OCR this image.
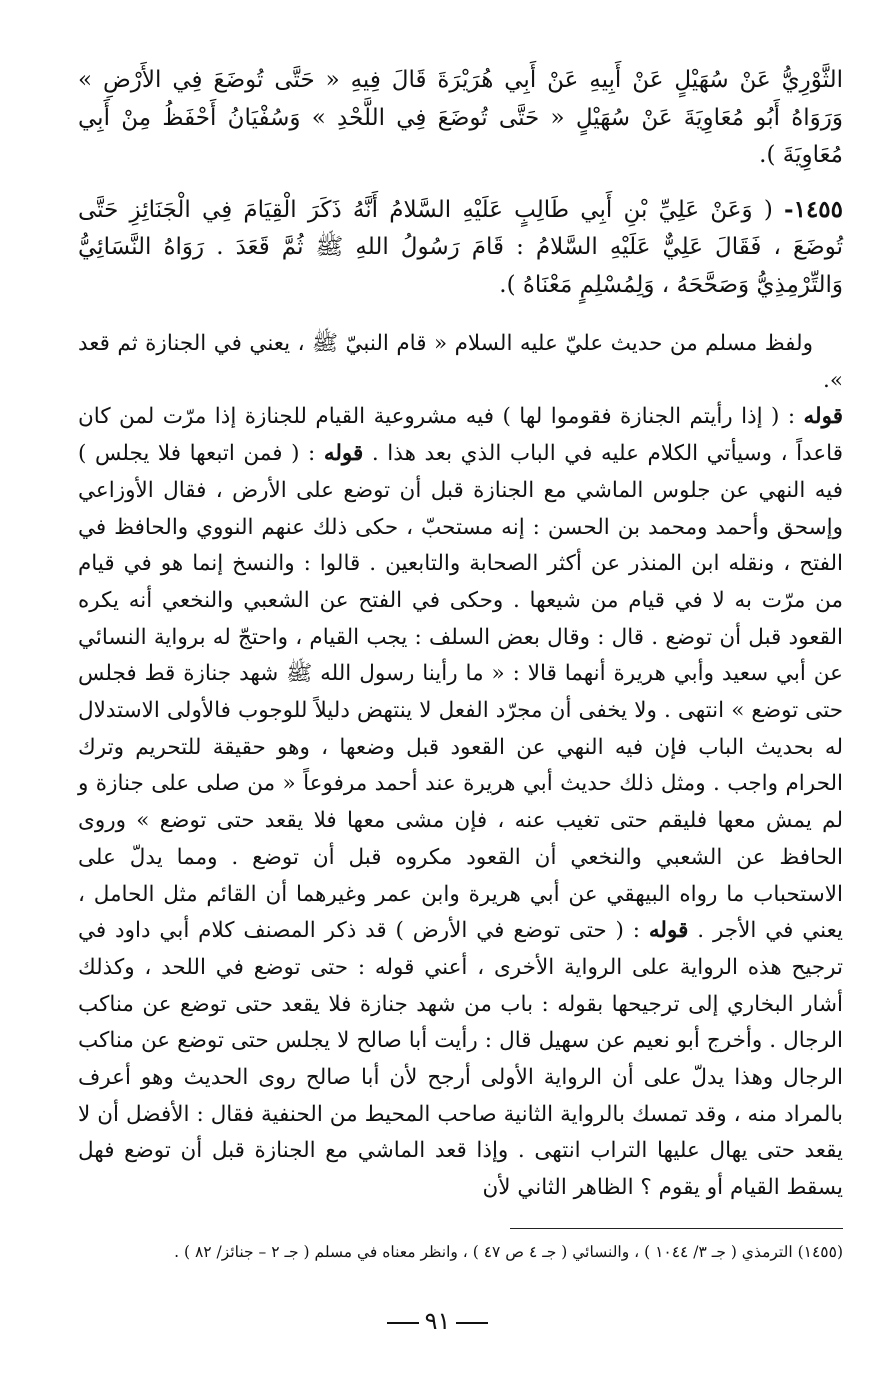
الثَّوْرِيُّ عَنْ سُهَيْلٍ عَنْ أَبِيهِ عَنْ أَبِي هُرَيْرَةَ قَالَ فِيهِ « حَتَّى تُوضَعَ فِي الأَرْضِ » وَرَوَاهُ أَبُو مُعَاوِيَةَ عَنْ سُهَيْلٍ « حَتَّى تُوضَعَ فِي اللَّحْدِ » وَسُفْيَانُ أَحْفَظُ مِنْ أَبِي مُعَاوِيَةَ ).

١٤٥٥- ( وَعَنْ عَلِيِّ بْنِ أَبِي طَالِبٍ عَلَيْهِ السَّلامُ أَنَّهُ ذَكَرَ الْقِيَامَ فِي الْجَنَائِزِ حَتَّى تُوضَعَ ، فَقَالَ عَلِيٌّ عَلَيْهِ السَّلامُ : قَامَ رَسُولُ اللهِ ﷺ ثُمَّ قَعَدَ . رَوَاهُ النَّسَائِيُّ وَالتِّرْمِذِيُّ وَصَحَّحَهُ ، وَلِمُسْلِمٍ مَعْنَاهُ ).

ولفظ مسلم من حديث عليّ عليه السلام « قام النبيّ ﷺ ، يعني في الجنازة ثم قعد ».

قوله : ( إذا رأيتم الجنازة فقوموا لها ) فيه مشروعية القيام للجنازة إذا مرّت لمن كان قاعداً ، وسيأتي الكلام عليه في الباب الذي بعد هذا . قوله : ( فمن اتبعها فلا يجلس ) فيه النهي عن جلوس الماشي مع الجنازة قبل أن توضع على الأرض ، فقال الأوزاعي وإسحق وأحمد ومحمد بن الحسن : إنه مستحبّ ، حكى ذلك عنهم النووي والحافظ في الفتح ، ونقله ابن المنذر عن أكثر الصحابة والتابعين . قالوا : والنسخ إنما هو في قيام من مرّت به لا في قيام من شيعها . وحكى في الفتح عن الشعبي والنخعي أنه يكره القعود قبل أن توضع . قال : وقال بعض السلف : يجب القيام ، واحتجّ له برواية النسائي عن أبي سعيد وأبي هريرة أنهما قالا : « ما رأينا رسول الله ﷺ شهد جنازة قط فجلس حتى توضع » انتهى . ولا يخفى أن مجرّد الفعل لا ينتهض دليلاً للوجوب فالأولى الاستدلال له بحديث الباب فإن فيه النهي عن القعود قبل وضعها ، وهو حقيقة للتحريم وترك الحرام واجب . ومثل ذلك حديث أبي هريرة عند أحمد مرفوعاً « من صلى على جنازة و لم يمش معها فليقم حتى تغيب عنه ، فإن مشى معها فلا يقعد حتى توضع » وروى الحافظ عن الشعبي والنخعي أن القعود مكروه قبل أن توضع . ومما يدلّ على الاستحباب ما رواه البيهقي عن أبي هريرة وابن عمر وغيرهما أن القائم مثل الحامل ، يعني في الأجر . قوله : ( حتى توضع في الأرض ) قد ذكر المصنف كلام أبي داود في ترجيح هذه الرواية على الرواية الأخرى ، أعني قوله : حتى توضع في اللحد ، وكذلك أشار البخاري إلى ترجيحها بقوله : باب من شهد جنازة فلا يقعد حتى توضع عن مناكب الرجال . وأخرج أبو نعيم عن سهيل قال : رأيت أبا صالح لا يجلس حتى توضع عن مناكب الرجال وهذا يدلّ على أن الرواية الأولى أرجح لأن أبا صالح روى الحديث وهو أعرف بالمراد منه ، وقد تمسك بالرواية الثانية صاحب المحيط من الحنفية فقال : الأفضل أن لا يقعد حتى يهال عليها التراب انتهى . وإذا قعد الماشي مع الجنازة قبل أن توضع فهل يسقط القيام أو يقوم ؟ الظاهر الثاني لأن

(١٤٥٥) الترمذي ( جـ ٣/ ١٠٤٤ ) ، والنسائي ( جـ ٤ ص ٤٧ ) ، وانظر معناه في مسلم ( جـ ٢ – جنائز/ ٨٢ ) .
٩١
